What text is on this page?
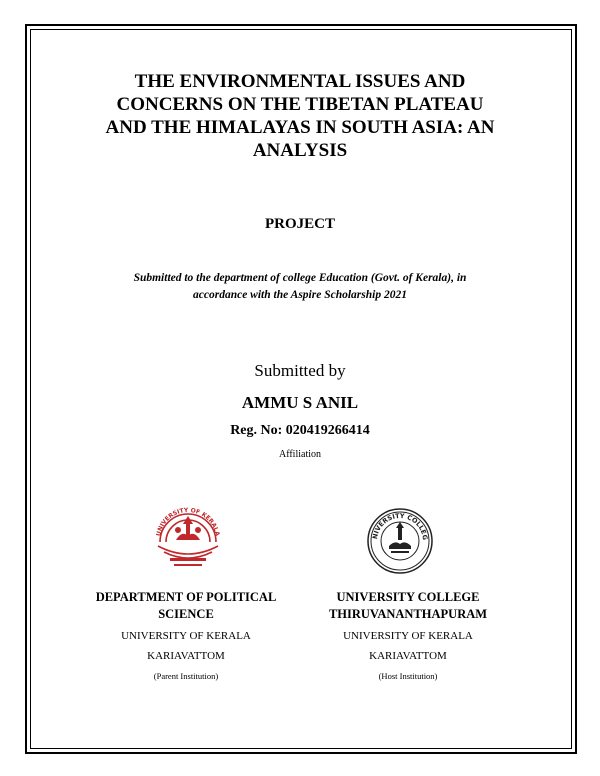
THE ENVIRONMENTAL ISSUES AND
CONCERNS ON THE TIBETAN PLATEAU
AND THE HIMALAYAS IN SOUTH ASIA: AN
ANALYSIS
PROJECT
Submitted to the department of college Education (Govt. of Kerala), in
accordance with the Aspire Scholarship 2021
Submitted by
AMMU S ANIL
Reg. No: 020419266414
Affiliation
UNIVERSITY OF KERALA	NIVERSITY COLLEG
DEPARTMENT OF POLITICAL
SCIENCE
UNIVERSITY OF KERALA
KARIAVATTOM
(Parent Institution)
UNIVERSITY COLLEGE
THIRUVANANTHAPURAM
UNIVERSITY OF KERALA
KARIAVATTOM
(Host Institution)
